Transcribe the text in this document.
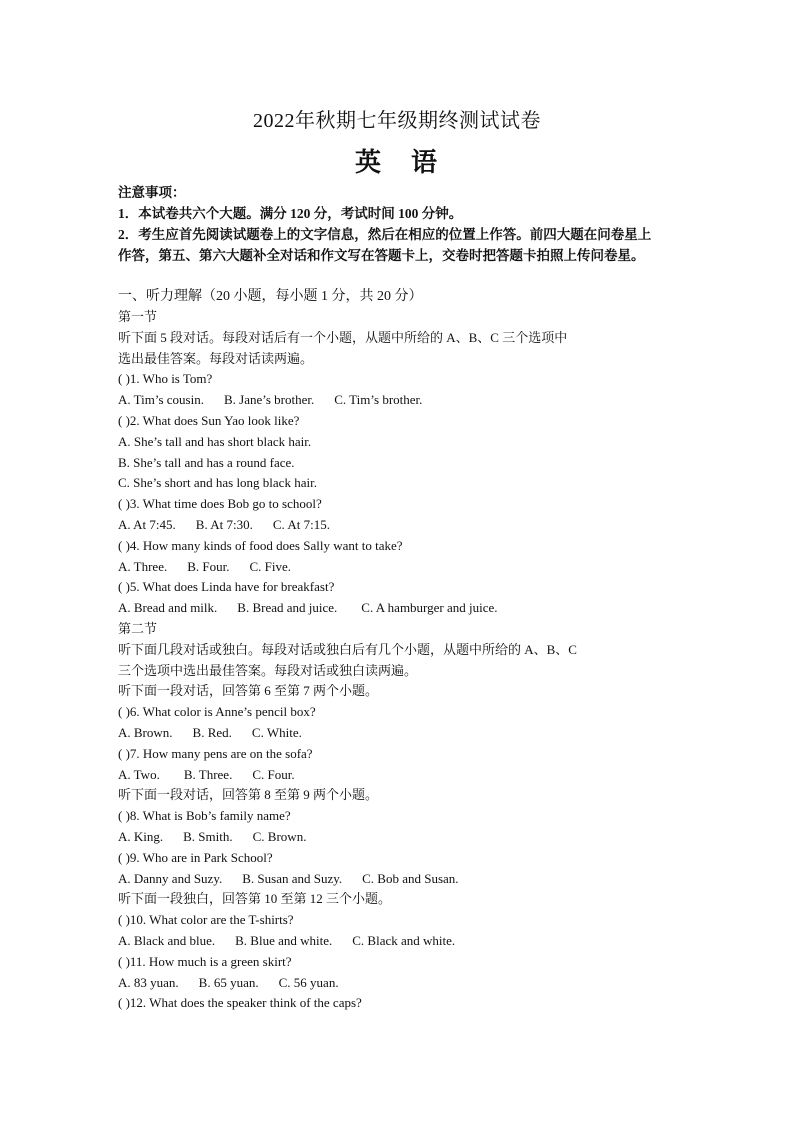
2022年秋期七年级期终测试试卷
英　语
注意事项：
1．本试卷共六个大题。满分 120 分，考试时间 100 分钟。
2．考生应首先阅读试题卷上的文字信息，然后在相应的位置上作答。前四大题在问卷星上
作答，第五、第六大题补全对话和作文写在答题卡上，交卷时把答题卡拍照上传问卷星。
一、听力理解（20 小题，每小题 1 分，共 20 分）
第一节
听下面 5 段对话。每段对话后有一个小题，从题中所给的 A、B、C 三个选项中
选出最佳答案。每段对话读两遍。
( )1. Who is Tom?
A. Tim’s cousin. B. Jane’s brother. C. Tim’s brother.
( )2. What does Sun Yao look like?
A. She’s tall and has short black hair.
B. She’s tall and has a round face.
C. She’s short and has long black hair.
( )3. What time does Bob go to school?
A. At 7:45. B. At 7:30. C. At 7:15.
( )4. How many kinds of food does Sally want to take?
A. Three. B. Four. C. Five.
( )5. What does Linda have for breakfast?
A. Bread and milk. B. Bread and juice. C. A hamburger and juice.
第二节
听下面几段对话或独白。每段对话或独白后有几个小题，从题中所给的 A、B、C
三个选项中选出最佳答案。每段对话或独白读两遍。
听下面一段对话，回答第 6 至第 7 两个小题。
( )6. What color is Anne’s pencil box?
A. Brown. B. Red. C. White.
( )7. How many pens are on the sofa?
A. Two. B. Three. C. Four.
听下面一段对话，回答第 8 至第 9 两个小题。
( )8. What is Bob’s family name?
A. King. B. Smith. C. Brown.
( )9. Who are in Park School?
A. Danny and Suzy. B. Susan and Suzy. C. Bob and Susan.
听下面一段独白，回答第 10 至第 12 三个小题。
( )10. What color are the T-shirts?
A. Black and blue. B. Blue and white. C. Black and white.
( )11. How much is a green skirt?
A. 83 yuan. B. 65 yuan. C. 56 yuan.
( )12. What does the speaker think of the caps?
